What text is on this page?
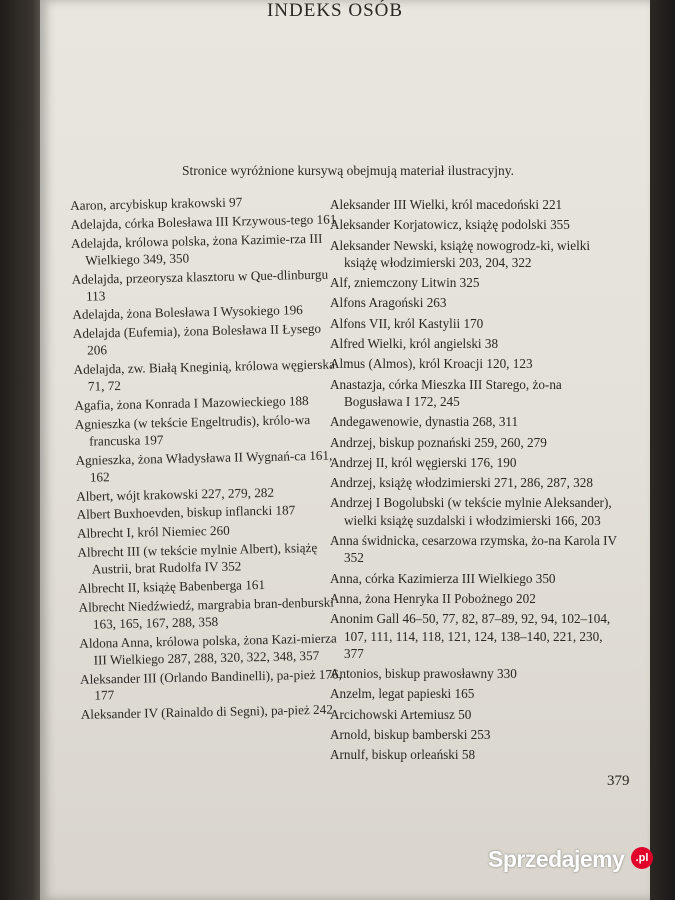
INDEKS OSÓB
Stronice wyróżnione kursywą obejmują materiał ilustracyjny.
Aaron, arcybiskup krakowski 97
Adelajda, córka Bolesława III Krzywous-tego 161
Adelajda, królowa polska, żona Kazimie-rza III Wielkiego 349, 350
Adelajda, przeorysza klasztoru w Que-dlinburgu 113
Adelajda, żona Bolesława I Wysokiego 196
Adelajda (Eufemia), żona Bolesława II Łysego 206
Adelajda, zw. Białą Kneginią, królowa węgierska 71, 72
Agafia, żona Konrada I Mazowieckiego 188
Agnieszka (w tekście Engeltrudis), królo-wa francuska 197
Agnieszka, żona Władysława II Wygnań-ca 161, 162
Albert, wójt krakowski 227, 279, 282
Albert Buxhoevden, biskup inflancki 187
Albrecht I, król Niemiec 260
Albrecht III (w tekście mylnie Albert), książę Austrii, brat Rudolfa IV 352
Albrecht II, książę Babenberga 161
Albrecht Niedźwiedź, margrabia bran-denburski 163, 165, 167, 288, 358
Aldona Anna, królowa polska, żona Kazi-mierza III Wielkiego 287, 288, 320, 322, 348, 357
Aleksander III (Orlando Bandinelli), pa-pież 176, 177
Aleksander IV (Rainaldo di Segni), pa-pież 242
Aleksander III Wielki, król macedoński 221
Aleksander Korjatowicz, książę podolski 355
Aleksander Newski, książę nowogrodz-ki, wielki książę włodzimierski 203, 204, 322
Alf, zniemczony Litwin 325
Alfons Aragoński 263
Alfons VII, król Kastylii 170
Alfred Wielki, król angielski 38
Almus (Almos), król Kroacji 120, 123
Anastazja, córka Mieszka III Starego, żo-na Bogusława I 172, 245
Andegawenowie, dynastia 268, 311
Andrzej, biskup poznański 259, 260, 279
Andrzej II, król węgierski 176, 190
Andrzej, książę włodzimierski 271, 286, 287, 328
Andrzej I Bogolubski (w tekście mylnie Aleksander), wielki książę suzdalski i włodzimierski 166, 203
Anna świdnicka, cesarzowa rzymska, żo-na Karola IV 352
Anna, córka Kazimierza III Wielkiego 350
Anna, żona Henryka II Pobożnego 202
Anonim Gall 46–50, 77, 82, 87–89, 92, 94, 102–104, 107, 111, 114, 118, 121, 124, 138–140, 221, 230, 377
Antonios, biskup prawosławny 330
Anzelm, legat papieski 165
Arcichowski Artemiusz 50
Arnold, biskup bamberski 253
Arnulf, biskup orleański 58
379
Sprzedajemy	.pl
